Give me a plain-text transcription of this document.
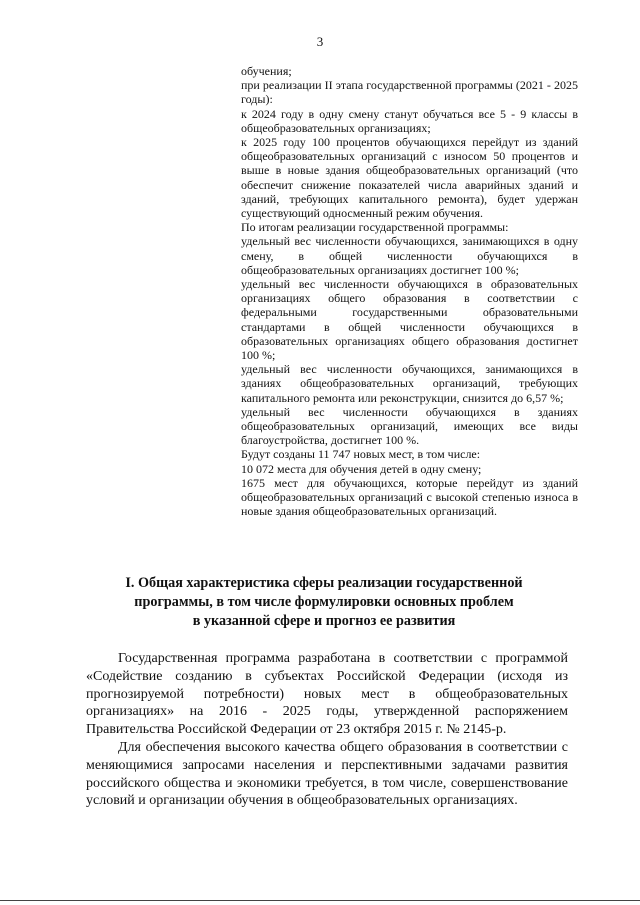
3

обучения;

при реализации II этапа государственной программы (2021 - 2025 годы):

к 2024 году в одну смену станут обучаться все 5 - 9 классы в общеобразовательных организациях;

к 2025 году 100 процентов обучающихся перейдут из зданий общеобразовательных организаций с износом 50 процентов и выше в новые здания общеобразовательных организаций (что обеспечит снижение показателей числа аварийных зданий и зданий, требующих капитального ремонта), будет удержан существующий односменный режим обучения.

По итогам реализации государственной программы:

удельный вес численности обучающихся, занимающихся в одну смену, в общей численности обучающихся в общеобразовательных организациях достигнет 100 %;

удельный вес численности обучающихся в образовательных организациях общего образования в соответствии с федеральными государственными образовательными стандартами в общей численности обучающихся в образовательных организациях общего образования достигнет 100 %;

удельный вес численности обучающихся, занимающихся в зданиях общеобразовательных организаций, требующих капитального ремонта или реконструкции, снизится до 6,57 %;

удельный вес численности обучающихся в зданиях общеобразовательных организаций, имеющих все виды благоустройства, достигнет 100 %.

Будут созданы 11 747 новых мест, в том числе:

10 072 места для обучения детей в одну смену;

1675 мест для обучающихся, которые перейдут из зданий общеобразовательных организаций с высокой степенью износа в новые здания общеобразовательных организаций.

I. Общая характеристика сферы реализации государственной
программы, в том числе формулировки основных проблем
в указанной сфере и прогноз ее развития

Государственная программа разработана в соответствии с программой «Содействие созданию в субъектах Российской Федерации (исходя из прогнозируемой потребности) новых мест в общеобразовательных организациях» на 2016 - 2025 годы, утвержденной распоряжением Правительства Российской Федерации от 23 октября 2015 г. № 2145-р.

Для обеспечения высокого качества общего образования в соответствии с меняющимися запросами населения и перспективными задачами развития российского общества и экономики требуется, в том числе, совершенствование условий и организации обучения в общеобразовательных организациях.
